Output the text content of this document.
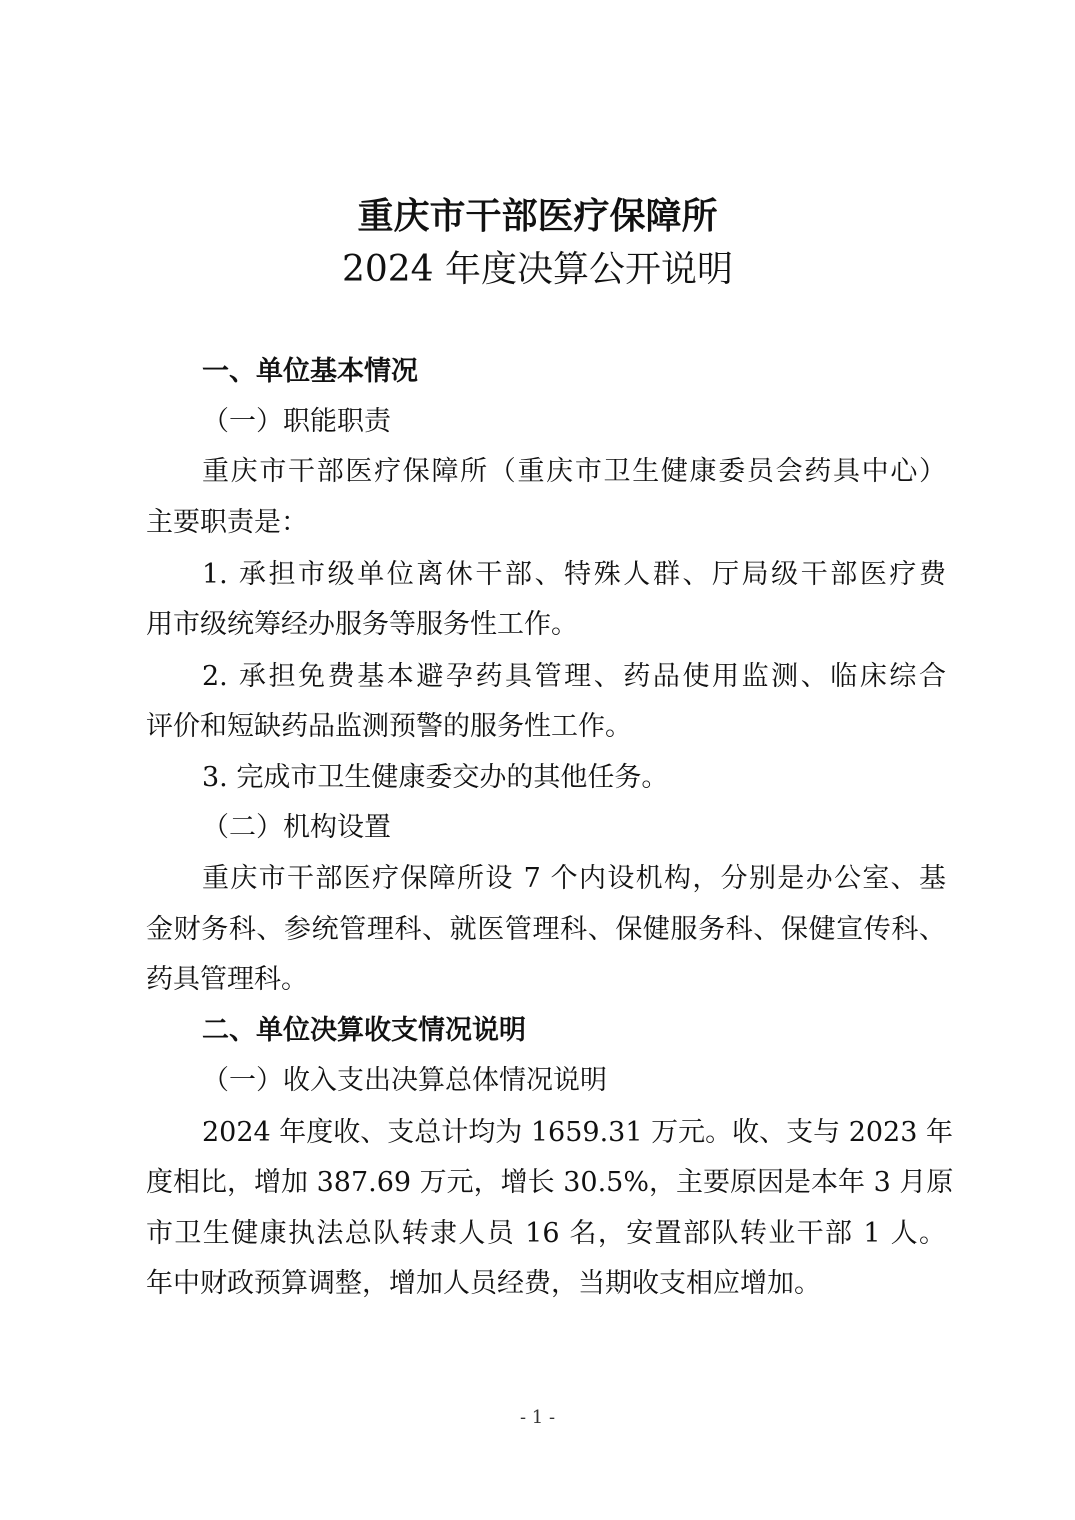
重庆市干部医疗保障所
2024 年度决算公开说明

一、单位基本情况

（一）职能职责

重庆市干部医疗保障所（重庆市卫生健康委员会药具中心）

主要职责是：

1. 承担市级单位离休干部、特殊人群、厅局级干部医疗费

用市级统筹经办服务等服务性工作。

2. 承担免费基本避孕药具管理、药品使用监测、临床综合

评价和短缺药品监测预警的服务性工作。

3. 完成市卫生健康委交办的其他任务。

（二）机构设置

重庆市干部医疗保障所设 7 个内设机构，分别是办公室、基

金财务科、参统管理科、就医管理科、保健服务科、保健宣传科、

药具管理科。

二、单位决算收支情况说明

（一）收入支出决算总体情况说明

2024 年度收、支总计均为 1659.31 万元。收、支与 2023 年

度相比，增加 387.69 万元，增长 30.5%，主要原因是本年 3 月原

市卫生健康执法总队转隶人员 16 名，安置部队转业干部 1 人。

年中财政预算调整，增加人员经费，当期收支相应增加。

- 1 -
